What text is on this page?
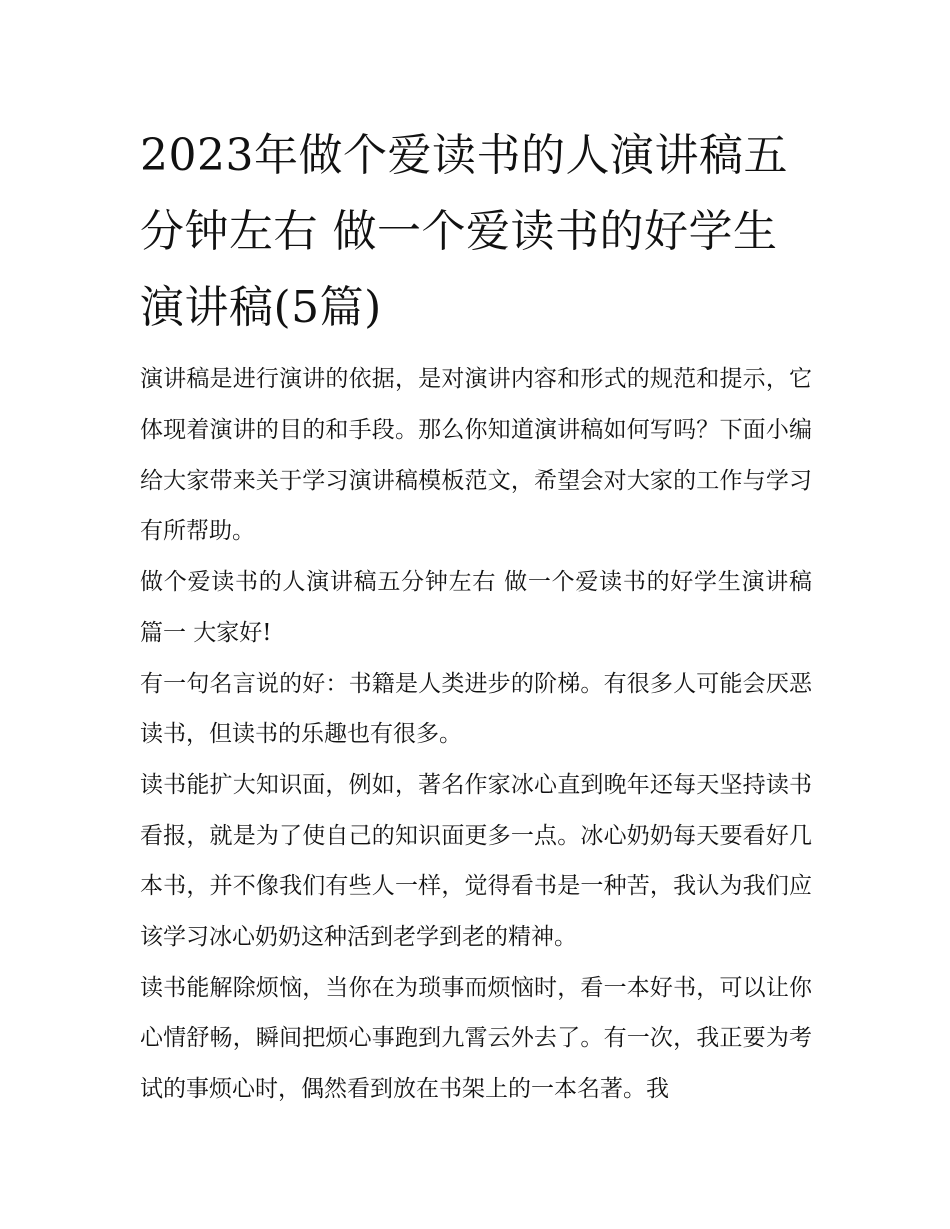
2023年做个爱读书的人演讲稿五分钟左右 做一个爱读书的好学生演讲稿(5篇)

演讲稿是进行演讲的依据，是对演讲内容和形式的规范和提示，它体现着演讲的目的和手段。那么你知道演讲稿如何写吗？下面小编给大家带来关于学习演讲稿模板范文，希望会对大家的工作与学习有所帮助。

做个爱读书的人演讲稿五分钟左右 做一个爱读书的好学生演讲稿篇一 大家好!

有一句名言说的好：书籍是人类进步的阶梯。有很多人可能会厌恶读书，但读书的乐趣也有很多。

读书能扩大知识面，例如，著名作家冰心直到晚年还每天坚持读书看报，就是为了使自己的知识面更多一点。冰心奶奶每天要看好几本书，并不像我们有些人一样，觉得看书是一种苦，我认为我们应该学习冰心奶奶这种活到老学到老的精神。

读书能解除烦恼，当你在为琐事而烦恼时，看一本好书，可以让你心情舒畅，瞬间把烦心事跑到九霄云外去了。有一次，我正要为考试的事烦心时，偶然看到放在书架上的一本名著。我
